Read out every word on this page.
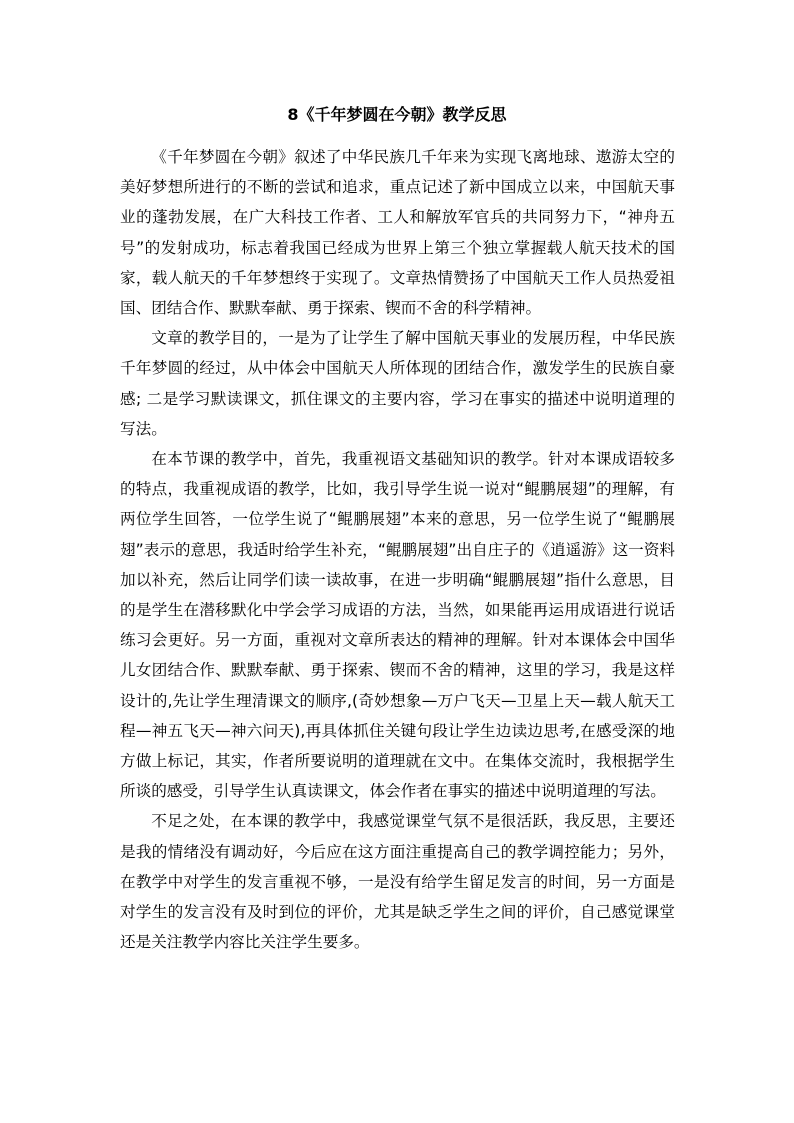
8《千年梦圆在今朝》教学反思

《千年梦圆在今朝》叙述了中华民族几千年来为实现飞离地球、遨游太空的美好梦想所进行的不断的尝试和追求，重点记述了新中国成立以来，中国航天事业的蓬勃发展，在广大科技工作者、工人和解放军官兵的共同努力下，“神舟五号”的发射成功，标志着我国已经成为世界上第三个独立掌握载人航天技术的国家，载人航天的千年梦想终于实现了。文章热情赞扬了中国航天工作人员热爱祖国、团结合作、默默奉献、勇于探索、锲而不舍的科学精神。

文章的教学目的，一是为了让学生了解中国航天事业的发展历程，中华民族千年梦圆的经过，从中体会中国航天人所体现的团结合作，激发学生的民族自豪感; 二是学习默读课文，抓住课文的主要内容，学习在事实的描述中说明道理的写法。

在本节课的教学中，首先，我重视语文基础知识的教学。针对本课成语较多的特点，我重视成语的教学，比如，我引导学生说一说对“鲲鹏展翅”的理解，有两位学生回答，一位学生说了“鲲鹏展翅”本来的意思，另一位学生说了“鲲鹏展翅”表示的意思，我适时给学生补充，“鲲鹏展翅”出自庄子的《逍遥游》这一资料加以补充，然后让同学们读一读故事，在进一步明确“鲲鹏展翅”指什么意思，目的是学生在潜移默化中学会学习成语的方法，当然，如果能再运用成语进行说话练习会更好。另一方面，重视对文章所表达的精神的理解。针对本课体会中国华儿女团结合作、默默奉献、勇于探索、锲而不舍的精神，这里的学习，我是这样设计的,先让学生理清课文的顺序,(奇妙想象—万户飞天—卫星上天—载人航天工程—神五飞天—神六问天),再具体抓住关键句段让学生边读边思考,在感受深的地方做上标记，其实，作者所要说明的道理就在文中。在集体交流时，我根据学生所谈的感受，引导学生认真读课文，体会作者在事实的描述中说明道理的写法。

不足之处，在本课的教学中，我感觉课堂气氛不是很活跃，我反思，主要还是我的情绪没有调动好，今后应在这方面注重提高自己的教学调控能力；另外，在教学中对学生的发言重视不够，一是没有给学生留足发言的时间，另一方面是对学生的发言没有及时到位的评价，尤其是缺乏学生之间的评价，自己感觉课堂还是关注教学内容比关注学生要多。
